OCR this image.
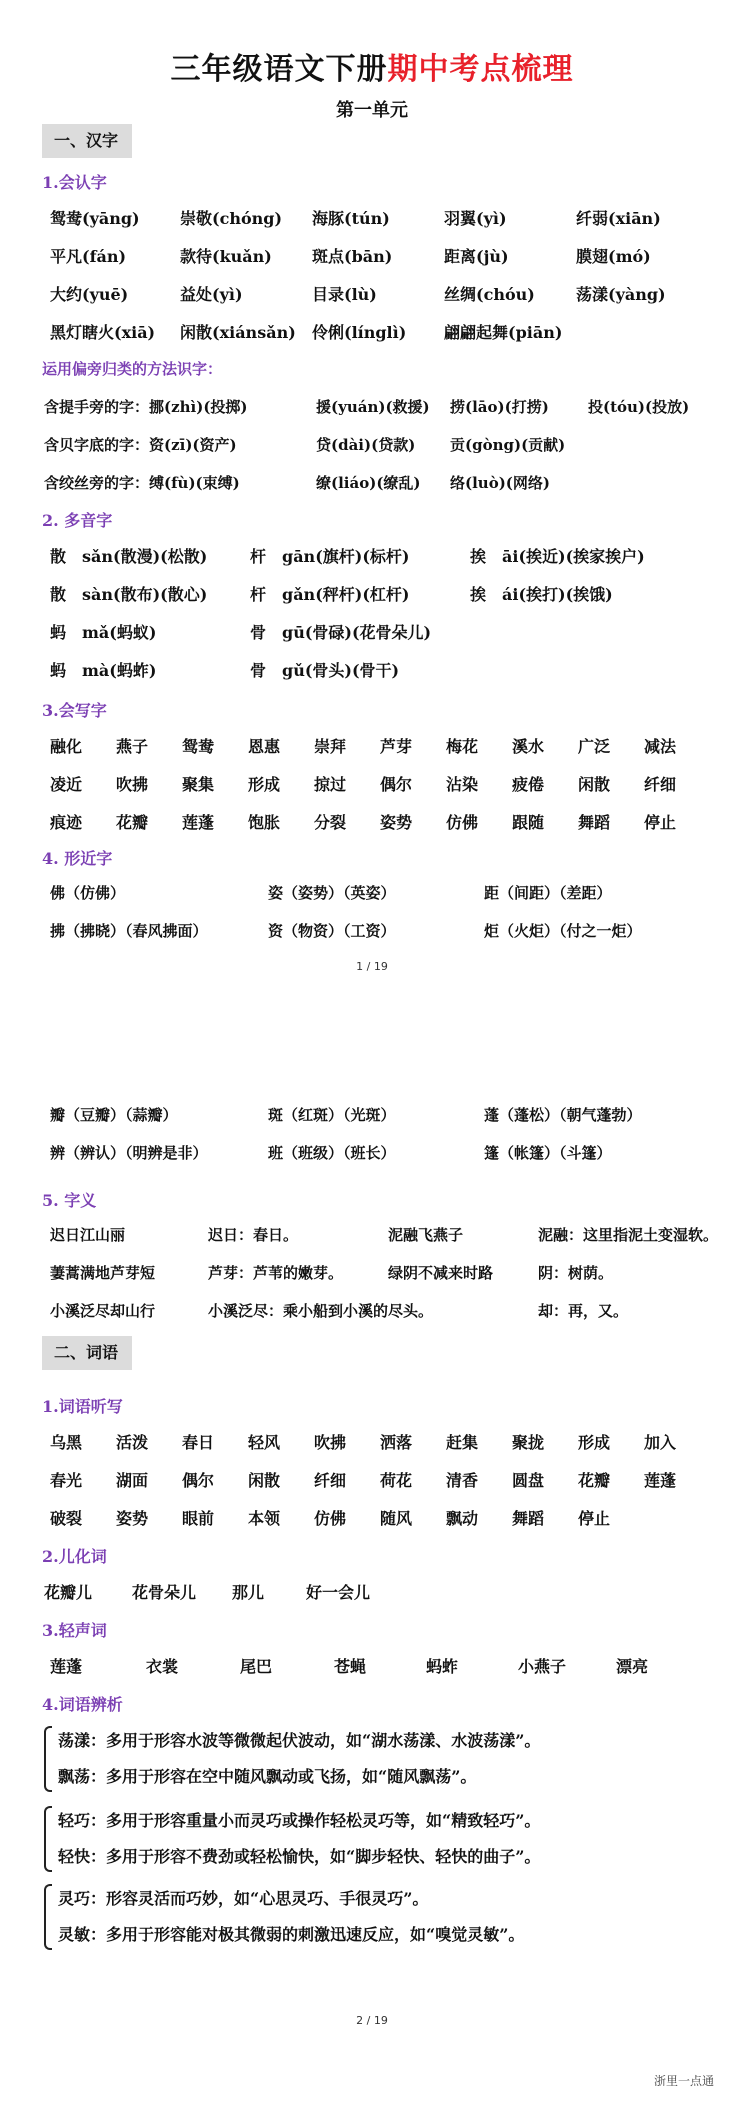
三年级语文下册期中考点梳理
第一单元
一、汉字
1.会认字
鸳鸯(yāng)	崇敬(chóng) 海豚(tún)	羽翼(yì)	纤弱(xiān)
平凡(fán)	款待(kuǎn)	斑点(bān)	距离(jù)	膜翅(mó)
大约(yuē)	益处(yì)	目录(lù)	丝绸(chóu)	荡漾(yàng)
黑灯瞎火(xiā) 闲散(xiánsǎn) 伶俐(línglì) 翩翩起舞(piān)
运用偏旁归类的方法识字：
含提手旁的字：挪(zhì)(投掷)	援(yuán)(救援) 捞(lāo)(打捞)	投(tóu)(投放)
含贝字底的字：资(zī)(资产)	贷(dài)(贷款) 贡(gòng)(贡献)
含绞丝旁的字：缚(fù)(束缚)	缭(liáo)(缭乱) 络(luò)(网络)
2. 多音字
散　sǎn(散漫)(松散)	杆　gān(旗杆)(标杆)	挨　āi(挨近)(挨家挨户)
散　sàn(散布)(散心)	杆　gǎn(秤杆)(杠杆)	挨　ái(挨打)(挨饿)
蚂　mǎ(蚂蚁)	骨　gū(骨碌)(花骨朵儿)
蚂　mà(蚂蚱)	骨　gǔ(骨头)(骨干)
3.会写字
融化 燕子 鸳鸯 恩惠 崇拜 芦芽 梅花 溪水 广泛 减法
凌近 吹拂 聚集 形成 掠过 偶尔 沾染 疲倦 闲散 纤细
痕迹 花瓣 莲蓬 饱胀 分裂 姿势 仿佛 跟随 舞蹈 停止
4. 形近字
佛（仿佛）	姿（姿势）（英姿）	距（间距）（差距）
拂（拂晓）（春风拂面）	资（物资）（工资）	炬（火炬）（付之一炬）
1 / 19
瓣（豆瓣）（蒜瓣）	斑（红斑）（光斑）	蓬（蓬松）（朝气蓬勃）
辨（辨认）（明辨是非）	班（班级）（班长）	篷（帐篷）（斗篷）
5. 字义
迟日江山丽	迟日：春日。	泥融飞燕子	泥融：这里指泥土变湿软。
萋蒿满地芦芽短	芦芽：芦苇的嫩芽。	绿阴不减来时路	阴：树荫。
小溪泛尽却山行	小溪泛尽：乘小船到小溪的尽头。	却：再，又。
二、词语
1.词语听写
乌黑 活泼 春日 轻风 吹拂 洒落 赶集 聚拢 形成 加入
春光 湖面 偶尔 闲散 纤细 荷花 清香 圆盘 花瓣 莲蓬
破裂 姿势 眼前 本领 仿佛 随风 飘动 舞蹈 停止
2.儿化词
花瓣儿 花骨朵儿 那儿	好一会儿
3.轻声词
莲蓬	衣裳	尾巴	苍蝇	蚂蚱	小燕子	漂亮
4.词语辨析
荡漾：多用于形容水波等微微起伏波动，如“湖水荡漾、水波荡漾”。
飘荡：多用于形容在空中随风飘动或飞扬，如“随风飘荡”。
轻巧：多用于形容重量小而灵巧或操作轻松灵巧等，如“精致轻巧”。
轻快：多用于形容不费劲或轻松愉快，如“脚步轻快、轻快的曲子”。
灵巧：形容灵活而巧妙，如“心思灵巧、手很灵巧”。
灵敏：多用于形容能对极其微弱的刺激迅速反应，如“嗅觉灵敏”。
2 / 19
浙里一点通
